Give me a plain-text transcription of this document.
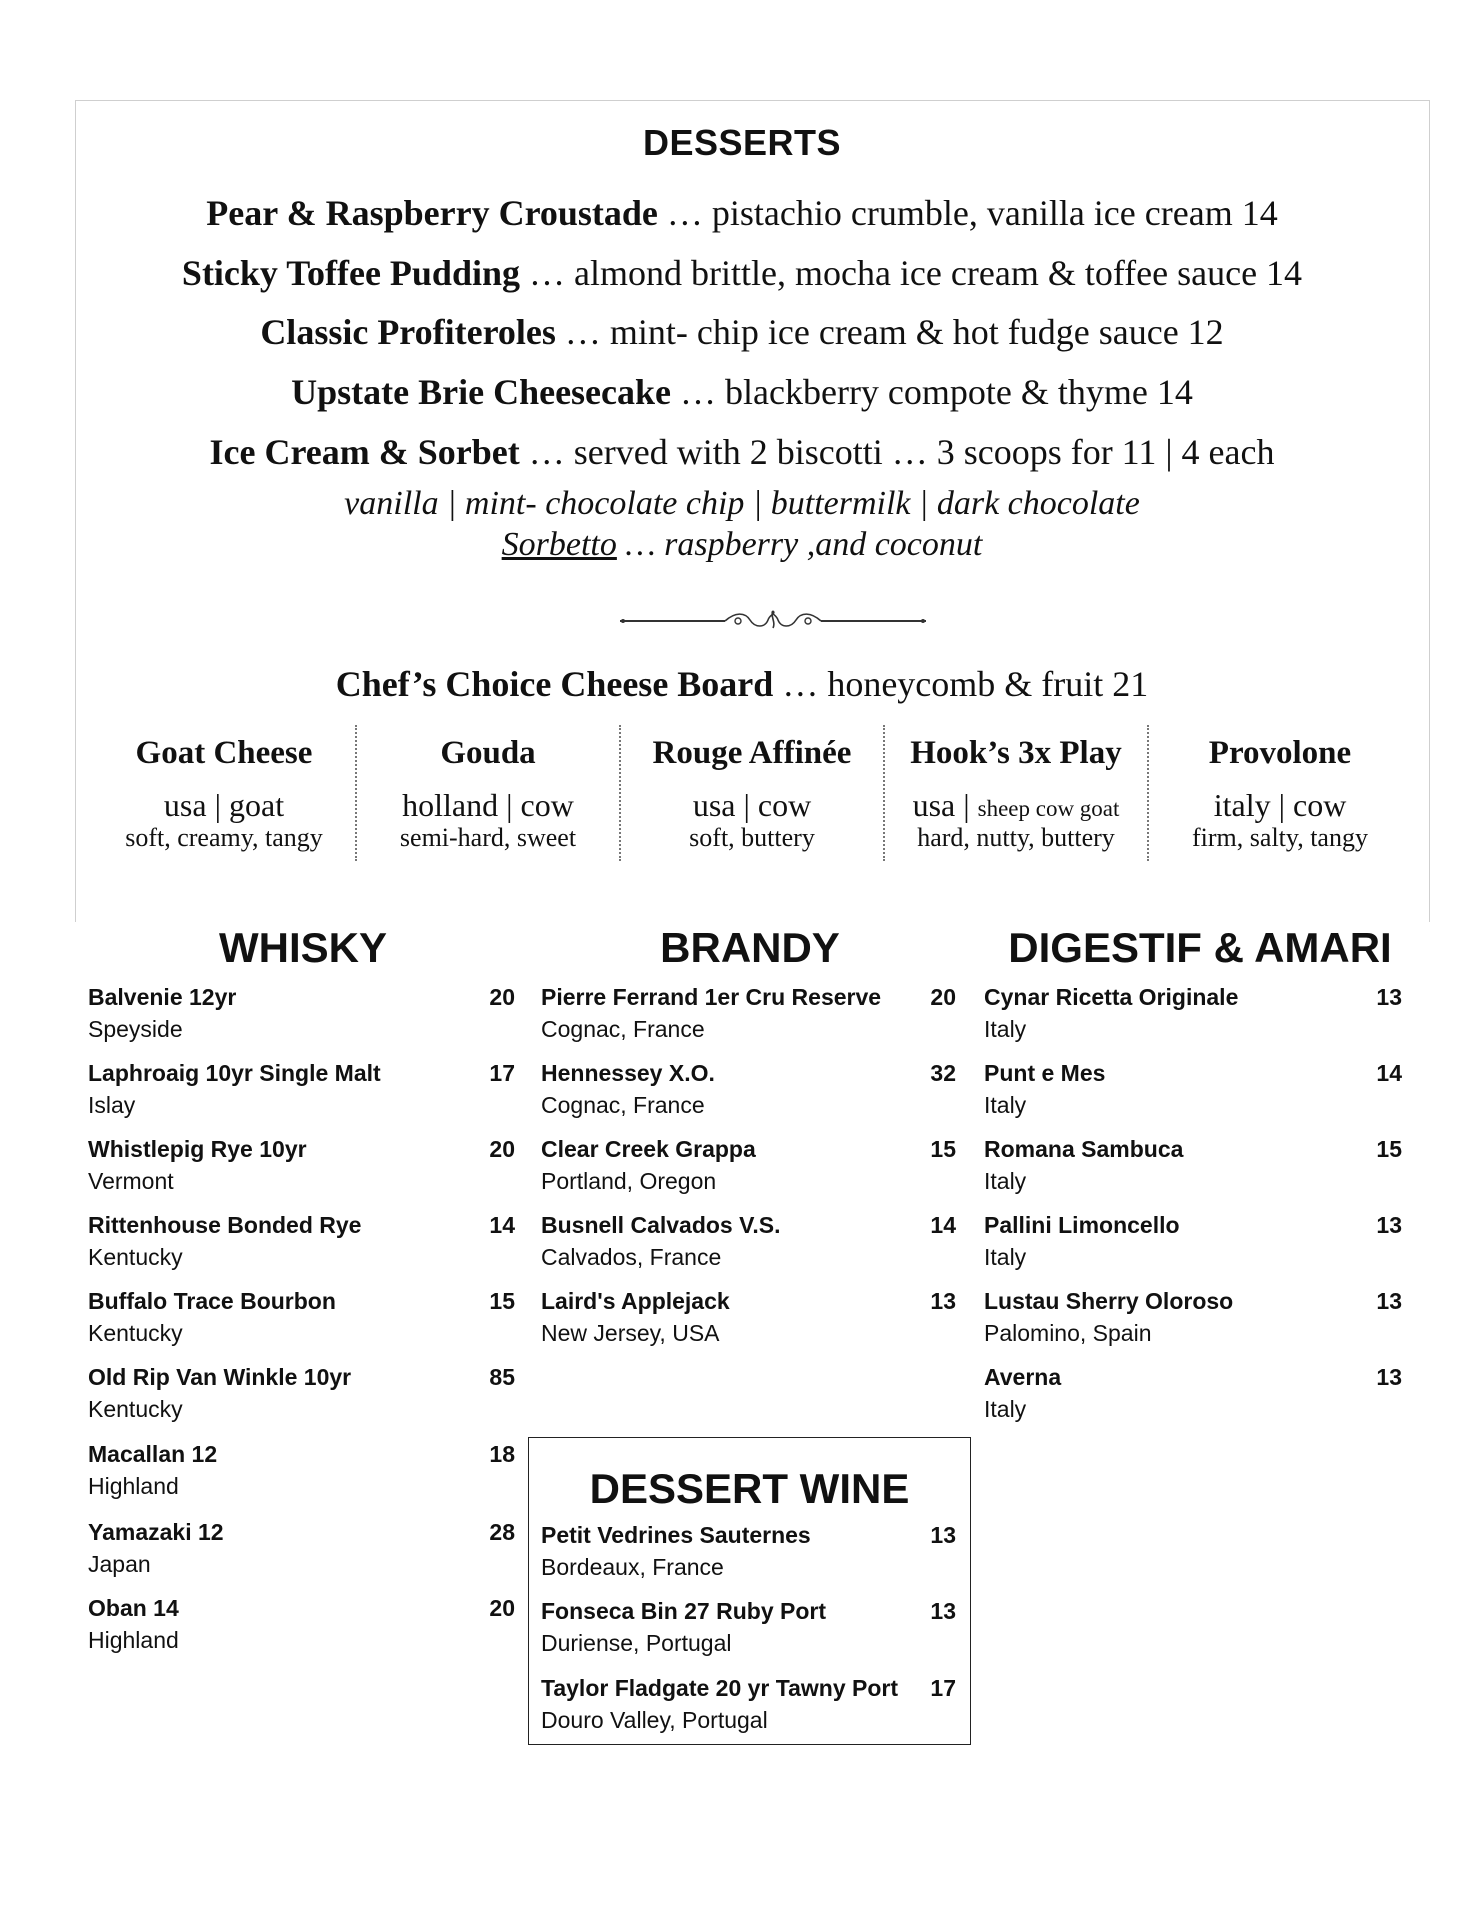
DESSERTS
Pear & Raspberry Croustade … pistachio crumble, vanilla ice cream 14
Sticky Toffee Pudding … almond brittle, mocha ice cream & toffee sauce 14
Classic Profiteroles … mint- chip ice cream & hot fudge sauce 12
Upstate Brie Cheesecake … blackberry compote & thyme 14
Ice Cream & Sorbet … served with 2 biscotti … 3 scoops for 11 | 4 each
vanilla | mint- chocolate chip | buttermilk | dark chocolate
Sorbetto … raspberry ,and coconut
Chef’s Choice Cheese Board … honeycomb & fruit 21
Goat Cheese
usa | goat
soft, creamy, tangy
Gouda
holland | cow
semi-hard, sweet
Rouge Affinée
usa | cow
soft, buttery
Hook’s 3x Play
usa | sheep cow goat
hard, nutty, buttery
Provolone
italy | cow
firm, salty, tangy
WHISKY
Balvenie 12yr
Speyside
20
Laphroaig 10yr Single Malt
Islay
17
Whistlepig Rye 10yr
Vermont
20
Rittenhouse Bonded Rye
Kentucky
14
Buffalo Trace Bourbon
Kentucky
15
Old Rip Van Winkle 10yr
Kentucky
85
Macallan 12
Highland
18
Yamazaki 12
Japan
28
Oban 14
Highland
20
BRANDY
Pierre Ferrand 1er Cru Reserve
Cognac, France
20
Hennessey X.O.
Cognac, France
32
Clear Creek Grappa
Portland, Oregon
15
Busnell Calvados V.S.
Calvados, France
14
Laird's Applejack
New Jersey, USA
13
DESSERT WINE
Petit Vedrines Sauternes
Bordeaux, France
13
Fonseca Bin 27 Ruby Port
Duriense, Portugal
13
Taylor Fladgate 20 yr Tawny Port
Douro Valley, Portugal
17
DIGESTIF & AMARI
Cynar Ricetta Originale
Italy
13
Punt e Mes
Italy
14
Romana Sambuca
Italy
15
Pallini Limoncello
Italy
13
Lustau Sherry Oloroso
Palomino, Spain
13
Averna
Italy
13
